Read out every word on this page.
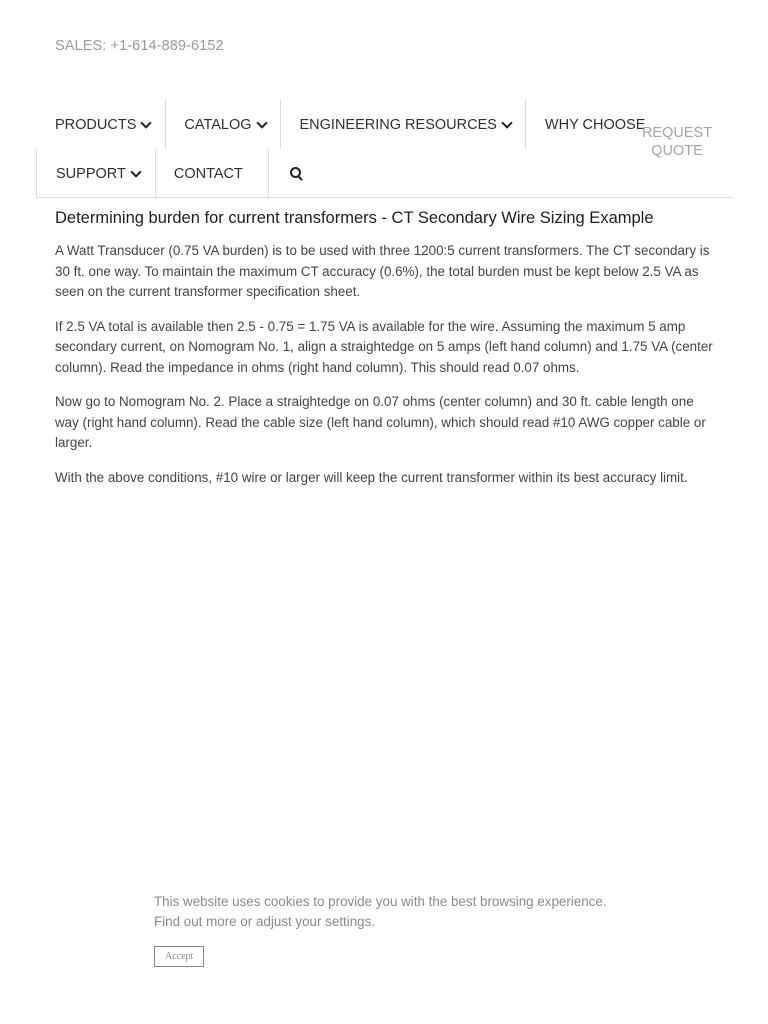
SALES: +1-614-889-6152
PRODUCTS	CATALOG	ENGINEERING RESOURCES	WHY CHOOSE
REQUEST
QUOTE
SUPPORT	CONTACT
Determining burden for current transformers - CT Secondary Wire Sizing Example

A Watt Transducer (0.75 VA burden) is to be used with three 1200:5 current transformers. The CT secondary is 30 ft. one way. To maintain the maximum CT accuracy (0.6%), the total burden must be kept below 2.5 VA as seen on the current transformer specification sheet.

If 2.5 VA total is available then 2.5 - 0.75 = 1.75 VA is available for the wire. Assuming the maximum 5 amp secondary current, on Nomogram No. 1, align a straightedge on 5 amps (left hand column) and 1.75 VA (center column). Read the impedance in ohms (right hand column). This should read 0.07 ohms.

Now go to Nomogram No. 2. Place a straightedge on 0.07 ohms (center column) and 30 ft. cable length one way (right hand column). Read the cable size (left hand column), which should read #10 AWG copper cable or larger.

With the above conditions, #10 wire or larger will keep the current transformer within its best accuracy limit.

This website uses cookies to provide you with the best browsing experience.
Find out more or adjust your settings.
Accept
